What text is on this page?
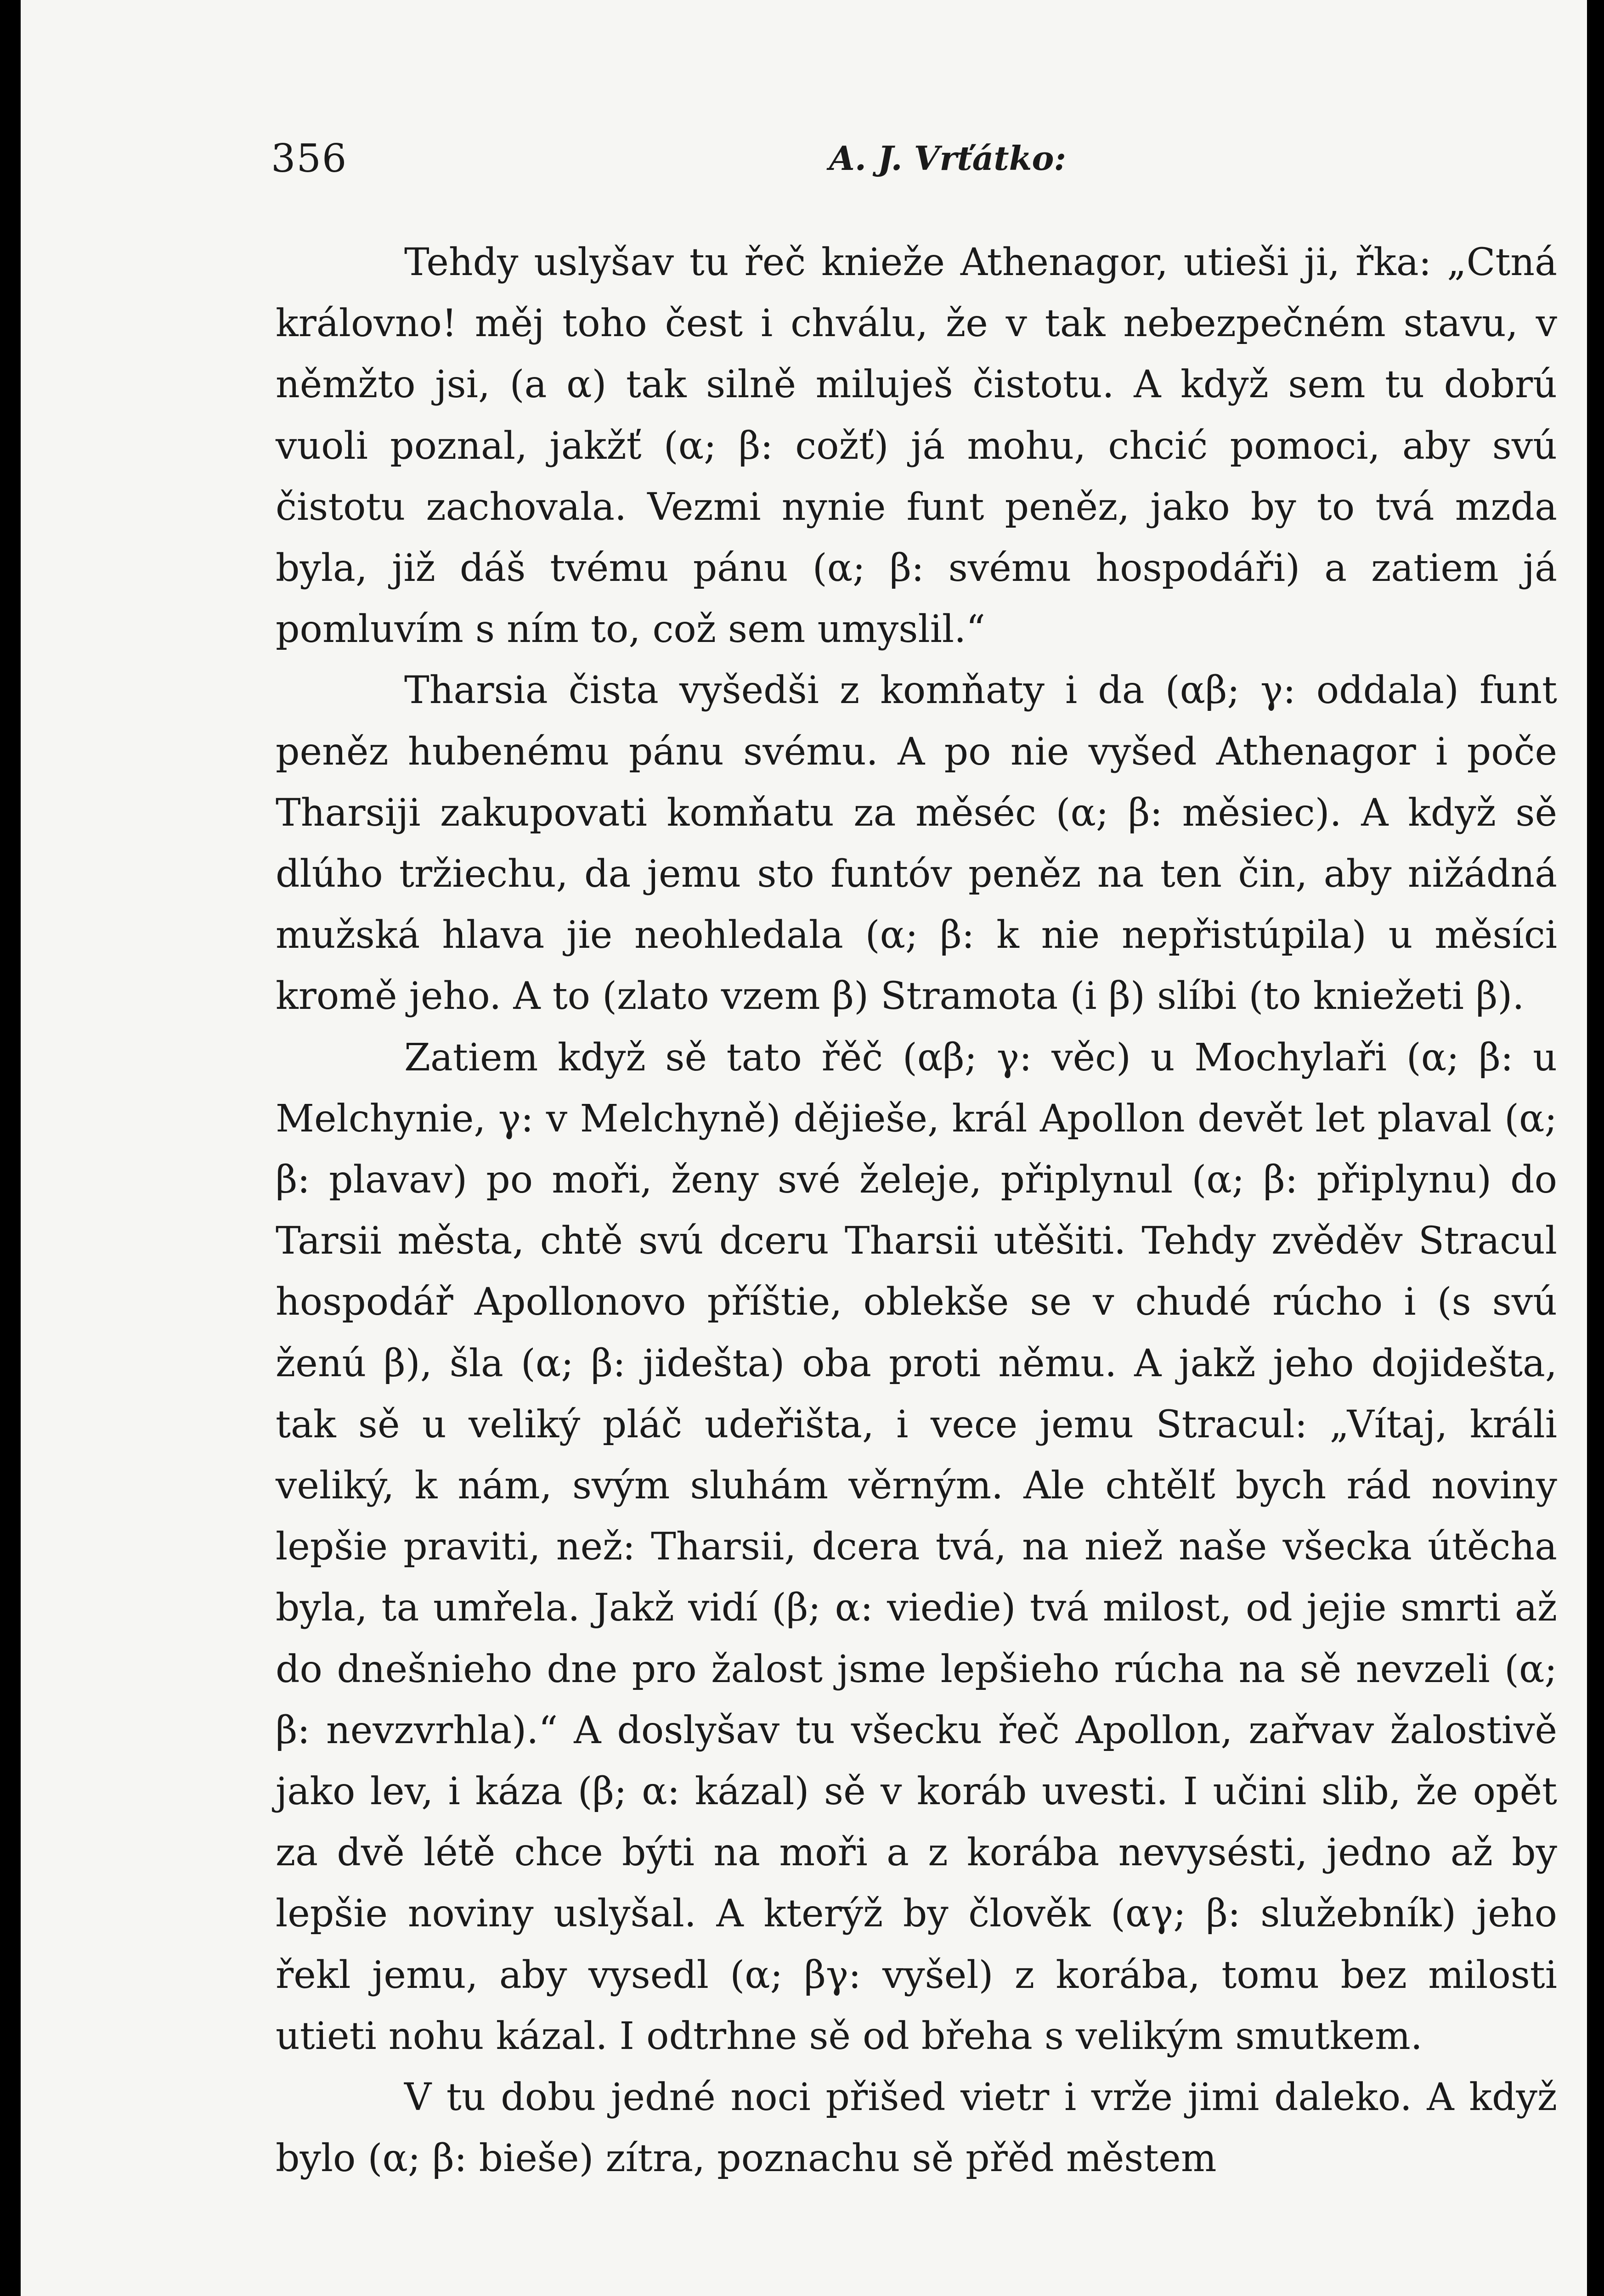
356	A. J. Vrťátko:

Tehdy uslyšav tu řeč knieže Athenagor, utieši ji, řka: „Ctná královno! měj toho čest i chválu, že v tak nebezpečném stavu, v němžto jsi, (a α) tak silně miluješ čistotu. A když sem tu dobrú vuoli poznal, jakžť (α; β: cožť) já mohu, chcić pomoci, aby svú čistotu zachovala. Vezmi nynie funt peněz, jako by to tvá mzda byla, již dáš tvému pánu (α; β: svému hospodáři) a zatiem já pomluvím s ním to, což sem umyslil.“

Tharsia čista vyšedši z komňaty i da (αβ; γ: oddala) funt peněz hubenému pánu svému. A po nie vyšed Athenagor i poče Tharsiji zakupovati komňatu za měséc (α; β: měsiec). A když sě dlúho tržiechu, da jemu sto funtóv peněz na ten čin, aby nižádná mužská hlava jie neohledala (α; β: k nie nepřistúpila) u měsíci kromě jeho. A to (zlato vzem β) Stramota (i β) slíbi (to kniežeti β).

Zatiem když sě tato řěč (αβ; γ: věc) u Mochylaři (α; β: u Melchynie, γ: v Melchyně) dějieše, král Apollon devět let plaval (α; β: plavav) po moři, ženy své želeje, připlynul (α; β: připlynu) do Tarsii města, chtě svú dceru Tharsii utěšiti. Tehdy zvěděv Stracul hospodář Apollonovo příštie, oblekše se v chudé rúcho i (s svú ženú β), šla (α; β: jidešta) oba proti němu. A jakž jeho dojidešta, tak sě u veliký pláč udeřišta, i vece jemu Stracul: „Vítaj, králi veliký, k nám, svým sluhám věrným. Ale chtělť bych rád noviny lepšie praviti, než: Tharsii, dcera tvá, na niež naše všecka útěcha byla, ta umřela. Jakž vidí (β; α: viedie) tvá milost, od jejie smrti až do dnešnieho dne pro žalost jsme lepšieho rúcha na sě nevzeli (α; β: nevzvrhla).“ A doslyšav tu všecku řeč Apollon, zařvav žalostivě jako lev, i káza (β; α: kázal) sě v koráb uvesti. I učini slib, že opět za dvě létě chce býti na moři a z korába nevysésti, jedno až by lepšie noviny uslyšal. A kterýž by člověk (αγ; β: služebník) jeho řekl jemu, aby vysedl (α; βγ: vyšel) z korába, tomu bez milosti utieti nohu kázal. I odtrhne sě od břeha s velikým smutkem.

V tu dobu jedné noci přišed vietr i vrže jimi daleko. A když bylo (α; β: bieše) zítra, poznachu sě přěd městem
